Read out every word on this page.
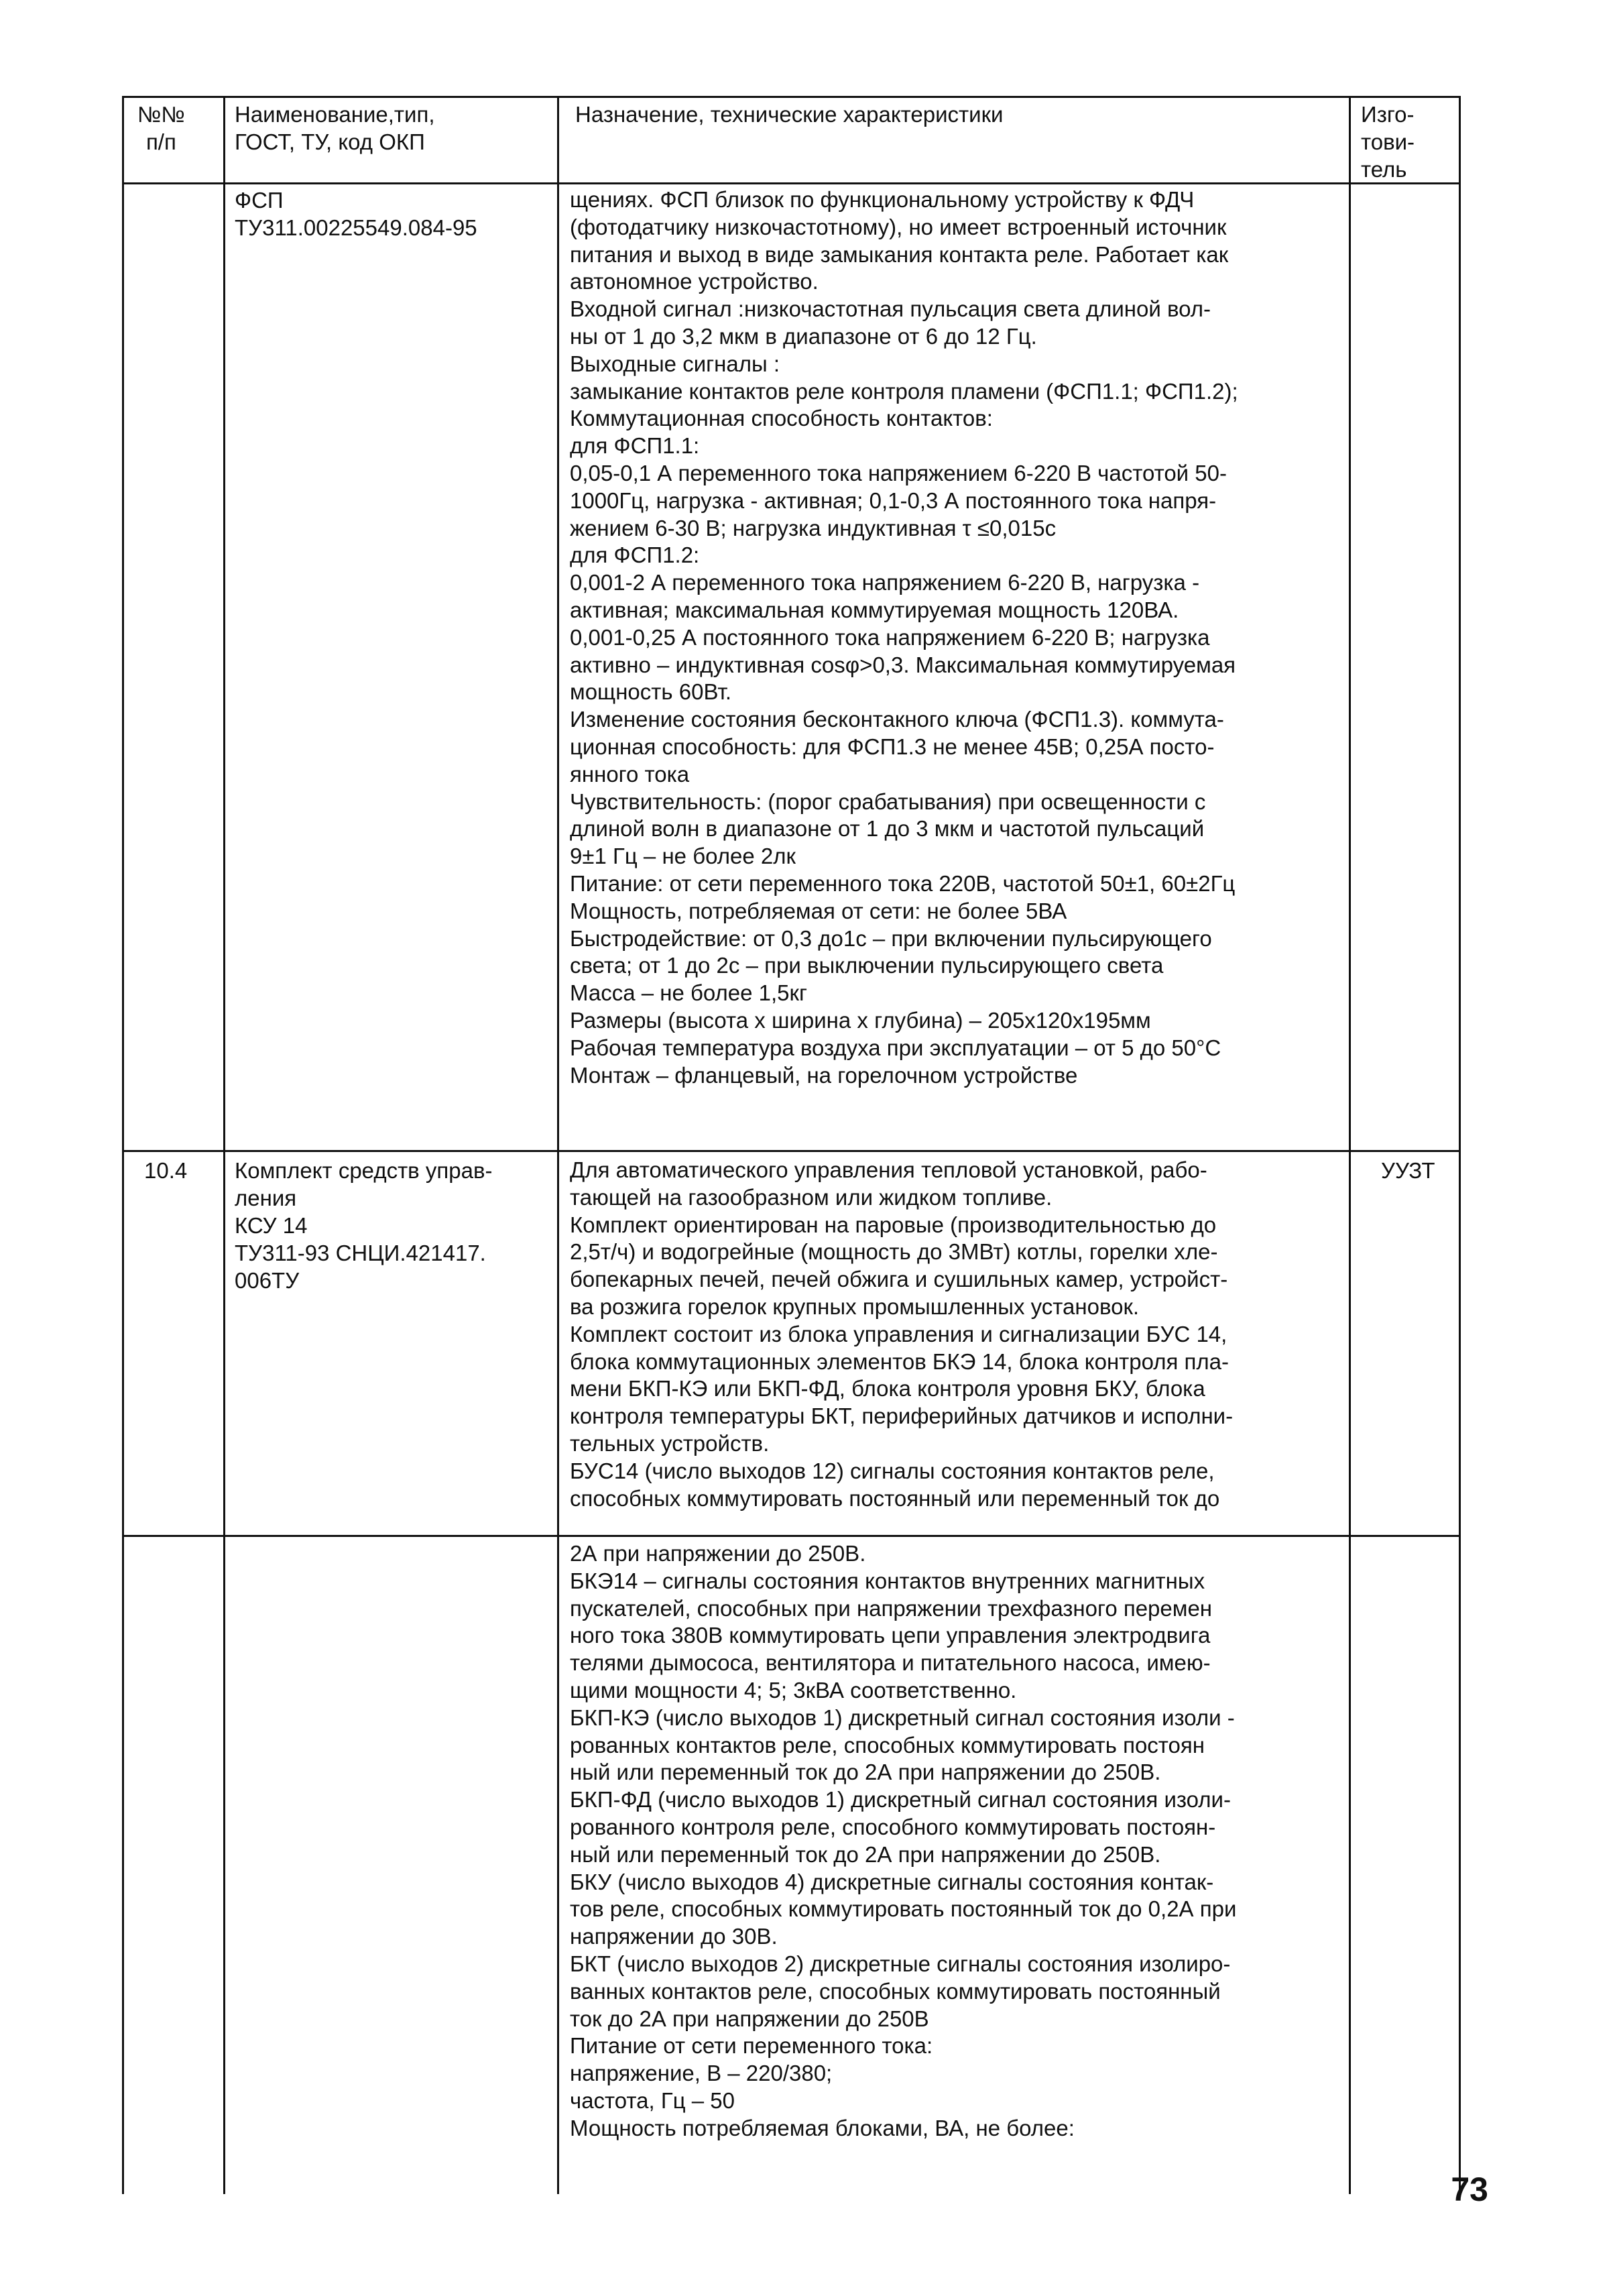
№№
п/п
Наименование,тип,
ГОСТ, ТУ, код ОКП
Назначение, технические характеристики	Изго-
тови-
тель
ФСП
ТУ311.00225549.084-95
щениях. ФСП близок по функциональному устройству к ФДЧ
(фотодатчику низкочастотному), но имеет встроенный источник
питания и выход в виде замыкания контакта реле. Работает как
автономное устройство.
Входной сигнал :низкочастотная пульсация света длиной вол-
ны от 1 до 3,2 мкм в диапазоне от 6 до 12 Гц.
Выходные сигналы :
замыкание контактов реле контроля пламени (ФСП1.1; ФСП1.2);
Коммутационная способность контактов:
для ФСП1.1:
0,05-0,1 А переменного тока напряжением 6-220 В частотой 50-
1000Гц, нагрузка - активная; 0,1-0,3 А постоянного тока напря-
жением 6-30 В; нагрузка индуктивная τ ≤0,015с
для ФСП1.2:
0,001-2 А переменного тока напряжением 6-220 В, нагрузка -
активная; максимальная коммутируемая мощность 120ВА.
0,001-0,25 А постоянного тока напряжением 6-220 В; нагрузка
активно – индуктивная cosφ>0,3. Максимальная коммутируемая
мощность 60Вт.
Изменение состояния бесконтакного ключа (ФСП1.3). коммута-
ционная способность: для ФСП1.3 не менее 45В; 0,25А посто-
янного тока
Чувствительность: (порог срабатывания) при освещенности с
длиной волн в диапазоне от 1 до 3 мкм и частотой пульсаций
9±1 Гц – не более 2лк
Питание: от сети переменного тока 220В, частотой 50±1, 60±2Гц
Мощность, потребляемая от сети: не более 5ВА
Быстродействие: от 0,3 до1с – при включении пульсирующего
света; от 1 до 2с – при выключении пульсирующего света
Масса – не более 1,5кг
Размеры (высота х ширина х глубина) – 205х120х195мм
Рабочая температура воздуха при эксплуатации – от 5 до 50°С
Монтаж – фланцевый, на горелочном устройстве
10.4 Комплект средств управ-
ления
КСУ 14
ТУ311-93 СНЦИ.421417.
006ТУ
Для автоматического управления тепловой установкой, рабо-
тающей на газообразном или жидком топливе.
Комплект ориентирован на паровые (производительностью до
2,5т/ч) и водогрейные (мощность до 3МВт) котлы, горелки хле-
бопекарных печей, печей обжига и сушильных камер, устройст-
ва розжига горелок крупных промышленных установок.
Комплект состоит из блока управления и сигнализации БУС 14,
блока коммутационных элементов БКЭ 14, блока контроля пла-
мени БКП-КЭ или БКП-ФД, блока контроля уровня БКУ, блока
контроля температуры БКТ, периферийных датчиков и исполни-
тельных устройств.
БУС14 (число выходов 12) сигналы состояния контактов реле,
способных коммутировать постоянный или переменный ток до
УУЗТ
2А при напряжении до 250В.
БКЭ14 – сигналы состояния контактов внутренних магнитных
пускателей, способных при напряжении трехфазного перемен
ного тока 380В коммутировать цепи управления электродвига
телями дымососа, вентилятора и питательного насоса, имею-
щими мощности 4; 5; 3кВА соответственно.
БКП-КЭ (число выходов 1) дискретный сигнал состояния изоли -
рованных контактов реле, способных коммутировать постоян
ный или переменный ток до 2А при напряжении до 250В.
БКП-ФД (число выходов 1) дискретный сигнал состояния изоли-
рованного контроля реле, способного коммутировать постоян-
ный или переменный ток до 2А при напряжении до 250В.
БКУ (число выходов 4) дискретные сигналы состояния контак-
тов реле, способных коммутировать постоянный ток до 0,2А при
напряжении до 30В.
БКТ (число выходов 2) дискретные сигналы состояния изолиро-
ванных контактов реле, способных коммутировать постоянный
ток до 2А при напряжении до 250В
Питание от сети переменного тока:
напряжение, В – 220/380;
частота, Гц – 50
Мощность потребляемая блоками, ВА, не более:
73
